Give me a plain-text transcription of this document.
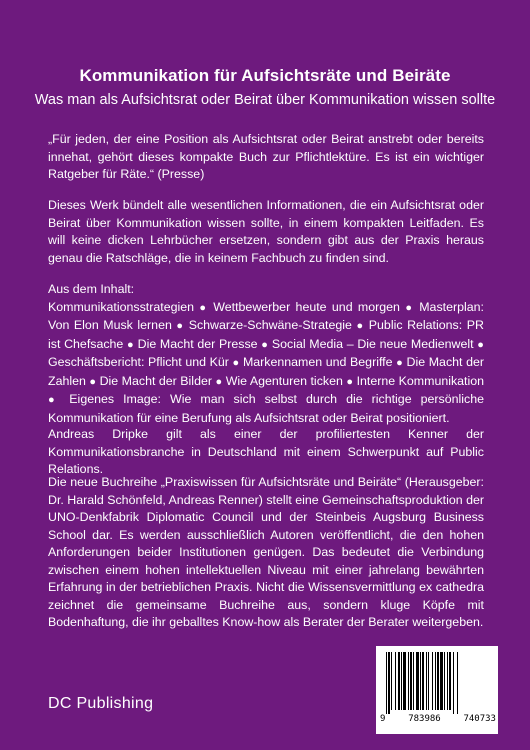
Kommunikation für Aufsichtsräte und Beiräte
Was man als Aufsichtsrat oder Beirat über Kommunikation wissen sollte

„Für jeden, der eine Position als Aufsichtsrat oder Beirat anstrebt oder bereits innehat, gehört dieses kompakte Buch zur Pflichtlektüre. Es ist ein wichtiger Ratgeber für Räte.“ (Presse)

Dieses Werk bündelt alle wesentlichen Informationen, die ein Aufsichtsrat oder Beirat über Kommunikation wissen sollte, in einem kompakten Leitfaden. Es will keine dicken Lehrbücher ersetzen, sondern gibt aus der Praxis heraus genau die Ratschläge, die in keinem Fachbuch zu finden sind.

Aus dem Inhalt:

Kommunikationsstrategien ● Wettbewerber heute und morgen ● Masterplan: Von Elon Musk lernen ● Schwarze-Schwäne-Strategie ● Public Relations: PR ist Chefsache ● Die Macht der Presse ● Social Media – Die neue Medienwelt ● Geschäftsbericht: Pflicht und Kür ● Markennamen und Begriffe ● Die Macht der Zahlen ● Die Macht der Bilder ● Wie Agenturen ticken ● Interne Kommunikation ● Eigenes Image: Wie man sich selbst durch die richtige persönliche Kommunikation für eine Berufung als Aufsichtsrat oder Beirat positioniert.

Andreas Dripke gilt als einer der profiliertesten Kenner der Kommunikationsbranche in Deutschland mit einem Schwerpunkt auf Public Relations.

Die neue Buchreihe „Praxiswissen für Aufsichtsräte und Beiräte“ (Herausgeber: Dr. Harald Schönfeld, Andreas Renner) stellt eine Gemeinschaftsproduktion der UNO-Denkfabrik Diplomatic Council und der Steinbeis Augsburg Business School dar. Es werden ausschließlich Autoren veröffentlicht, die den hohen Anforderungen beider Institutionen genügen. Das bedeutet die Verbindung zwischen einem hohen intellektuellen Niveau mit einer jahrelang bewährten Erfahrung in der betrieblichen Praxis. Nicht die Wissensvermittlung ex cathedra zeichnet die gemeinsame Buchreihe aus, sondern kluge Köpfe mit Bodenhaftung, die ihr geballtes Know-how als Berater der Berater weitergeben.

DC Publishing
9	783986	740733
